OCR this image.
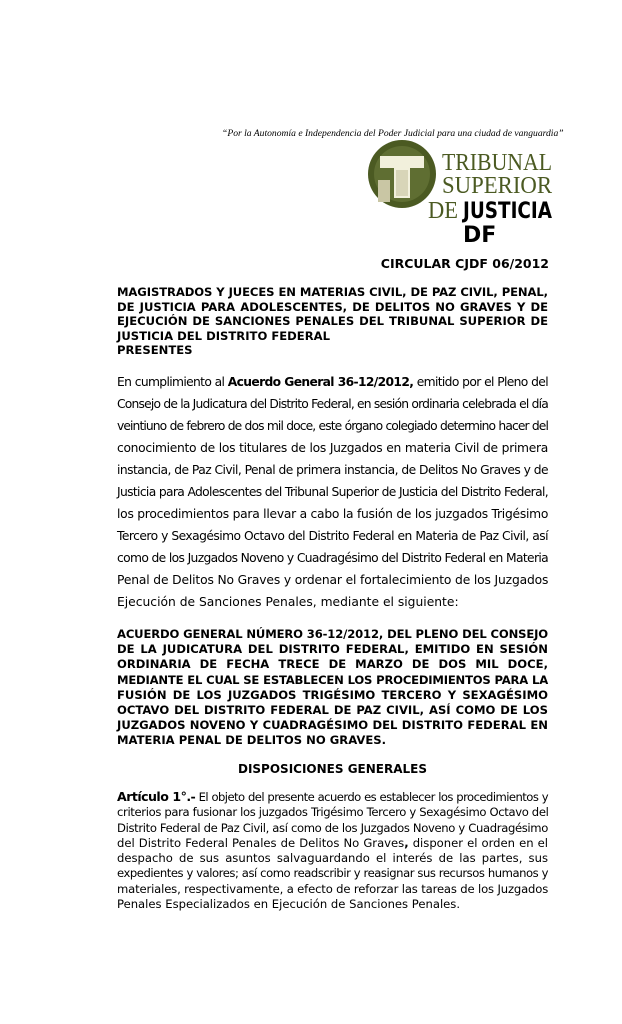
“Por la Autonomía e Independencia del Poder Judicial para una ciudad de vanguardia”
TRIBUNAL
SUPERIOR
DE JUSTICIA
DF
CIRCULAR CJDF 06/2012
MAGISTRADOS Y JUECES EN MATERIAS CIVIL, DE PAZ CIVIL, PENAL,
DE JUSTICIA PARA ADOLESCENTES, DE DELITOS NO GRAVES Y DE
EJECUCIÓN DE SANCIONES PENALES DEL TRIBUNAL SUPERIOR DE
JUSTICIA DEL DISTRITO FEDERAL
PRESENTES
En cumplimiento al Acuerdo General 36-12/2012, emitido por el Pleno del
Consejo de la Judicatura del Distrito Federal, en sesión ordinaria celebrada el día
veintiuno de febrero de dos mil doce, este órgano colegiado determino hacer del
conocimiento de los titulares de los Juzgados en materia Civil de primera
instancia, de Paz Civil, Penal de primera instancia, de Delitos No Graves y de
Justicia para Adolescentes del Tribunal Superior de Justicia del Distrito Federal,
los procedimientos para llevar a cabo la fusión de los juzgados Trigésimo
Tercero y Sexagésimo Octavo del Distrito Federal en Materia de Paz Civil, así
como de los Juzgados Noveno y Cuadragésimo del Distrito Federal en Materia
Penal de Delitos No Graves y ordenar el fortalecimiento de los Juzgados
Ejecución de Sanciones Penales, mediante el siguiente:
ACUERDO GENERAL NÚMERO 36-12/2012, DEL PLENO DEL CONSEJO
DE LA JUDICATURA DEL DISTRITO FEDERAL, EMITIDO EN SESIÓN
ORDINARIA DE FECHA TRECE DE MARZO DE DOS MIL DOCE,
MEDIANTE EL CUAL SE ESTABLECEN LOS PROCEDIMIENTOS PARA LA
FUSIÓN DE LOS JUZGADOS TRIGÉSIMO TERCERO Y SEXAGÉSIMO
OCTAVO DEL DISTRITO FEDERAL DE PAZ CIVIL, ASÍ COMO DE LOS
JUZGADOS NOVENO Y CUADRAGÉSIMO DEL DISTRITO FEDERAL EN
MATERIA PENAL DE DELITOS NO GRAVES.
DISPOSICIONES GENERALES
Artículo 1°.- El objeto del presente acuerdo es establecer los procedimientos y
criterios para fusionar los juzgados Trigésimo Tercero y Sexagésimo Octavo del
Distrito Federal de Paz Civil, así como de los Juzgados Noveno y Cuadragésimo
del Distrito Federal Penales de Delitos No Graves, disponer el orden en el
despacho de sus asuntos salvaguardando el interés de las partes, sus
expedientes y valores; así como readscribir y reasignar sus recursos humanos y
materiales, respectivamente, a efecto de reforzar las tareas de los Juzgados
Penales Especializados en Ejecución de Sanciones Penales.
